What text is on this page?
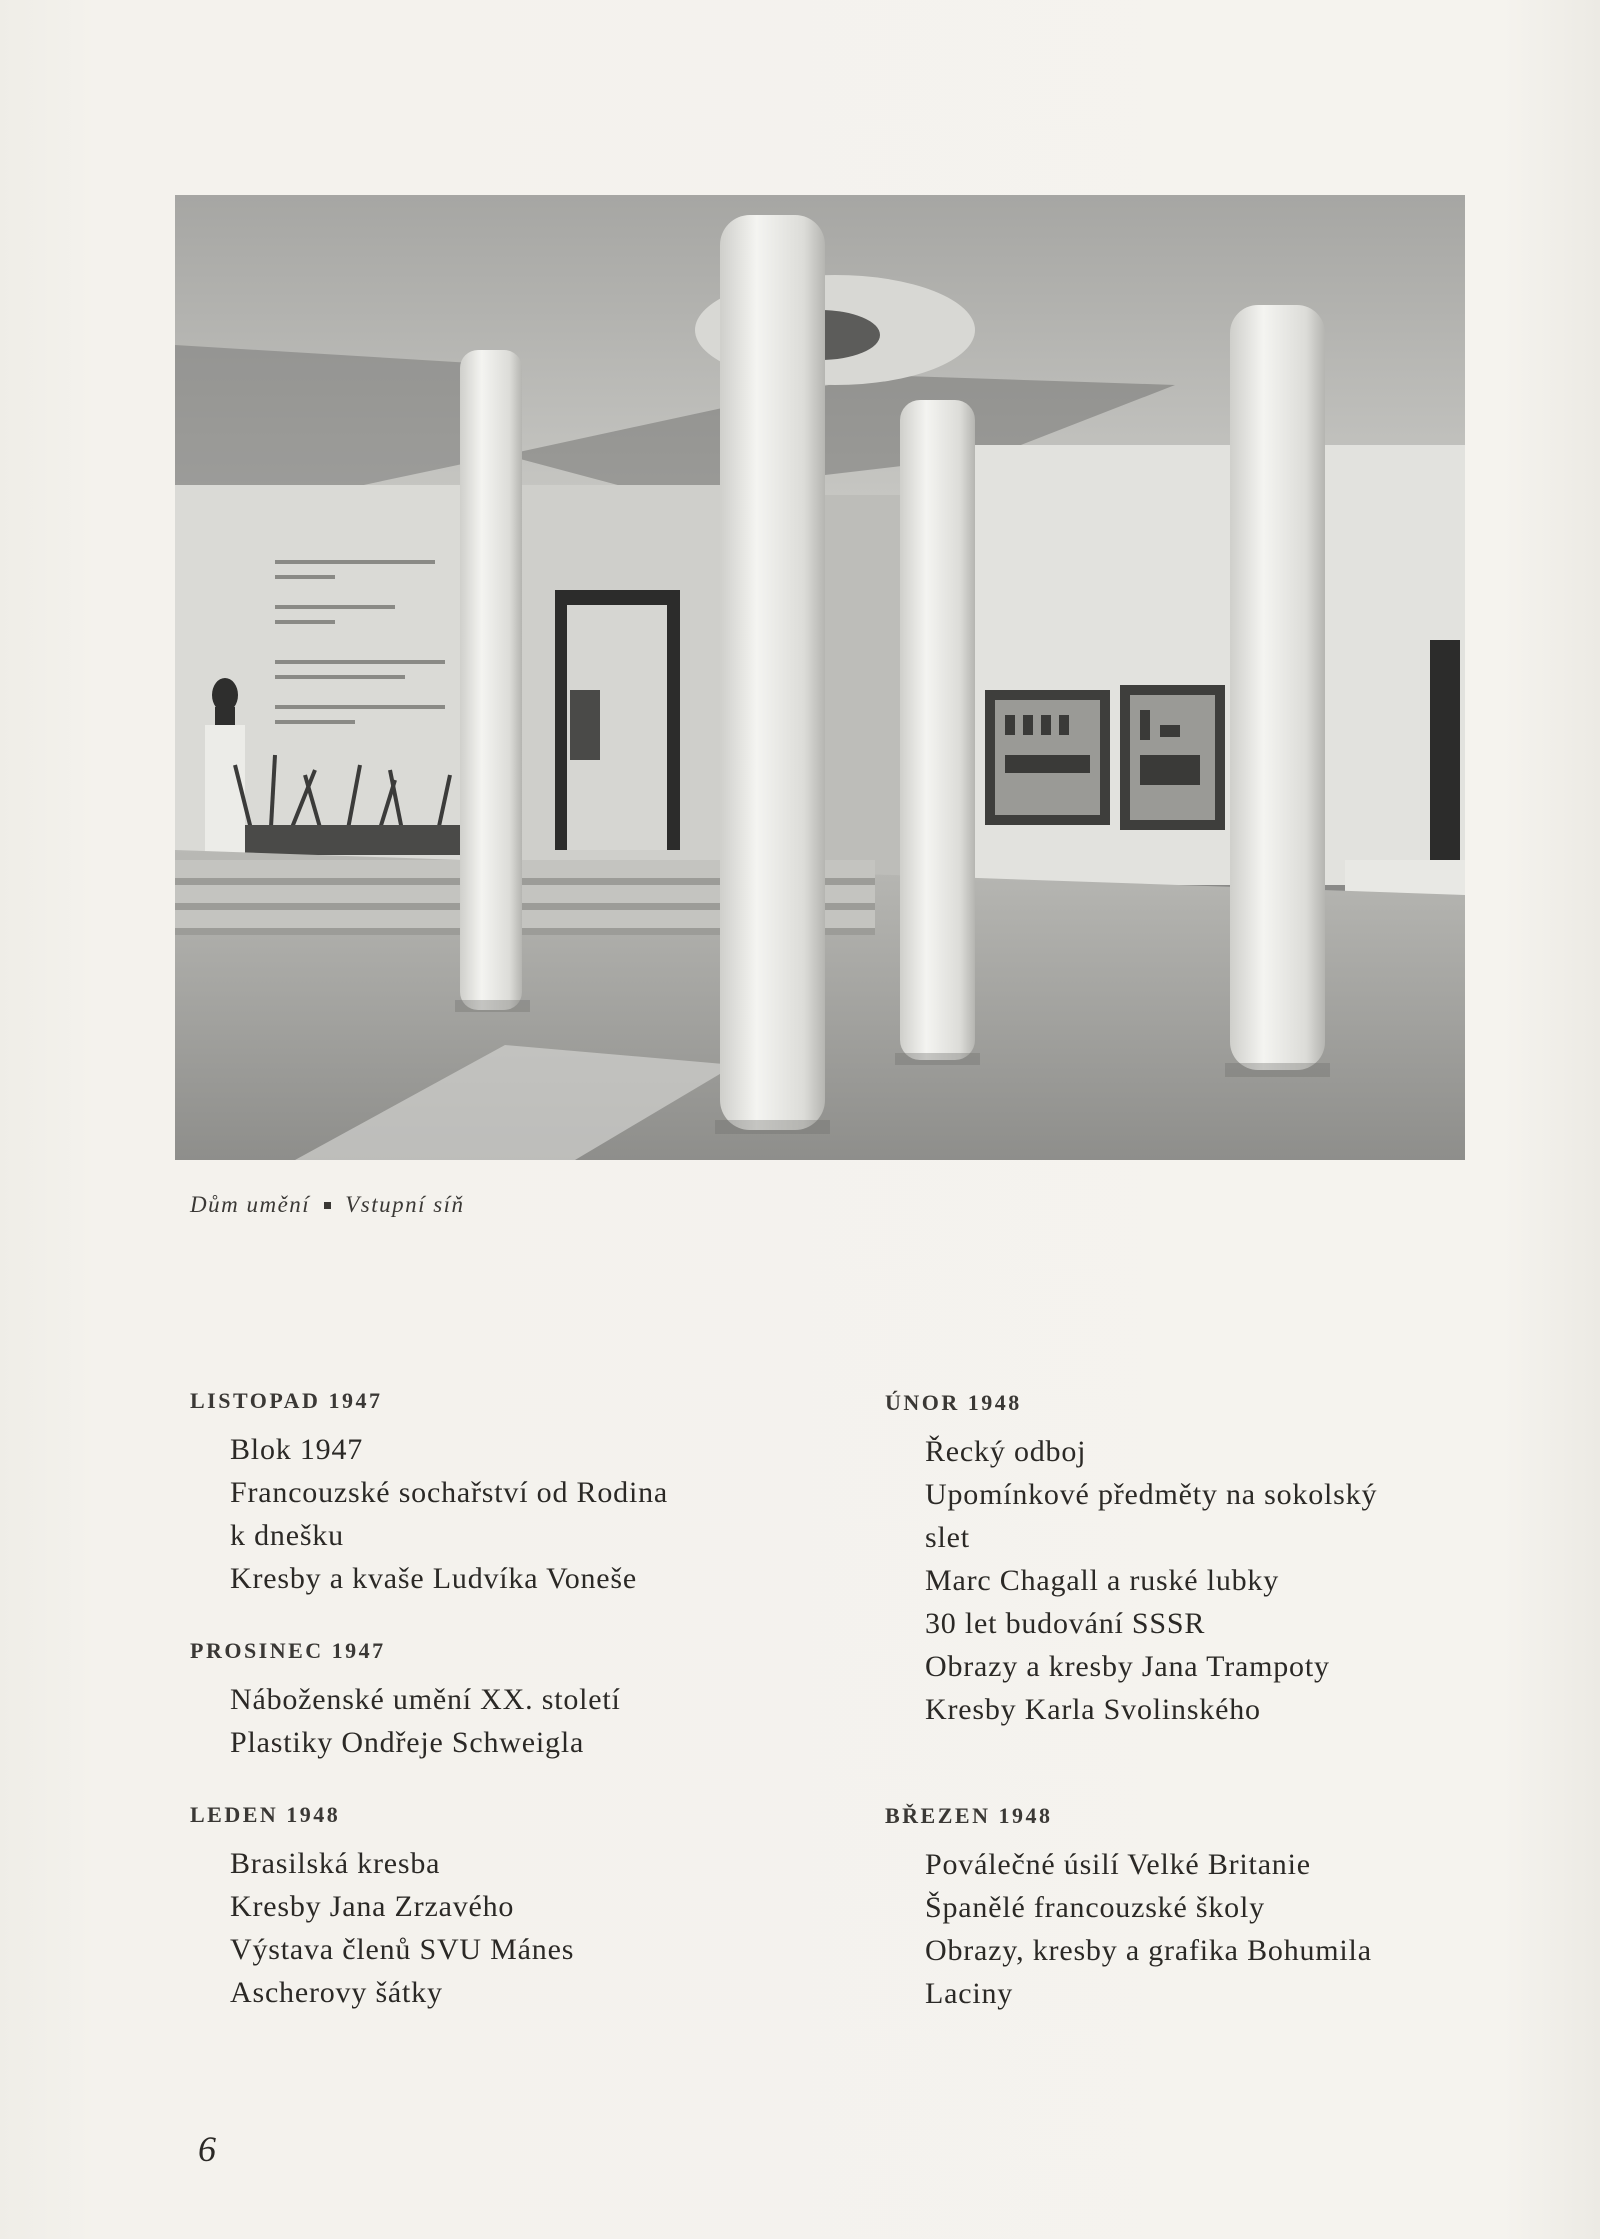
Dům umění Vstupní síň
LISTOPAD 1947
Blok 1947
Francouzské sochařství od Rodina
k dnešku
Kresby a kvaše Ludvíka Voneše
PROSINEC 1947
Náboženské umění XX. století
Plastiky Ondřeje Schweigla
LEDEN 1948
Brasilská kresba
Kresby Jana Zrzavého
Výstava členů SVU Mánes
Ascherovy šátky
ÚNOR 1948
Řecký odboj
Upomínkové předměty na sokolský
slet
Marc Chagall a ruské lubky
30 let budování SSSR
Obrazy a kresby Jana Trampoty
Kresby Karla Svolinského
BŘEZEN 1948
Poválečné úsilí Velké Britanie
Španělé francouzské školy
Obrazy, kresby a grafika Bohumila
Laciny
6
